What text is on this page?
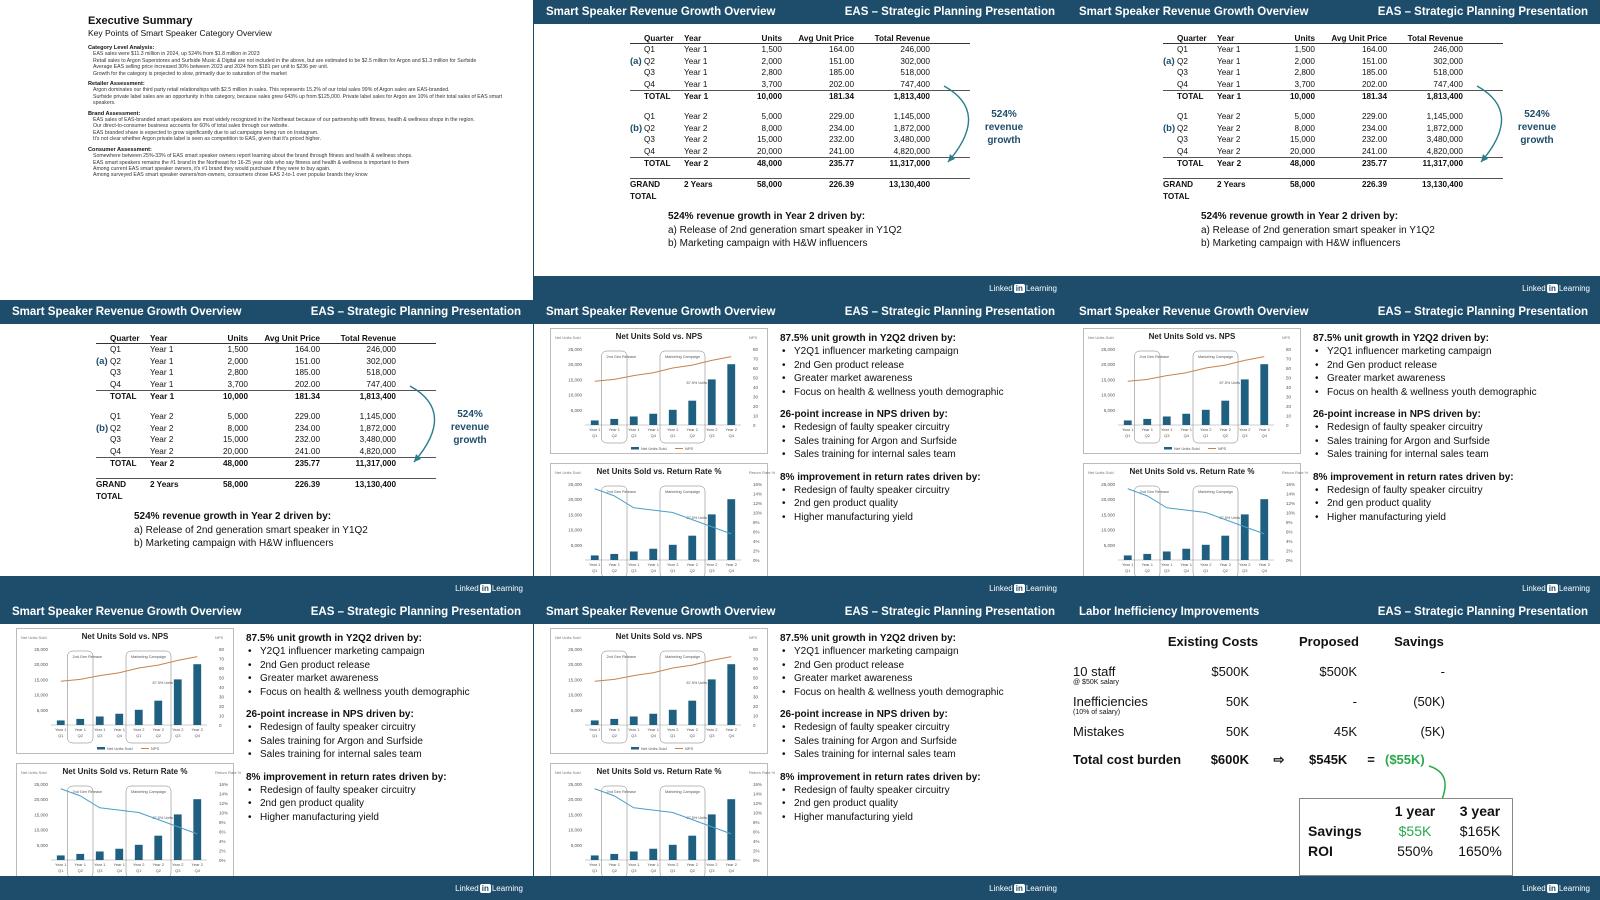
Executive Summary
Key Points of Smart Speaker Category Overview
Category Level Analysis:
EAS sales were $11.3 million in 2024, up 524% from $1.8 million in 2023
Retail sales to Argon Superstores and Surfside Music & Digital are not included in the above, but are estimated to be $2.5 million for Argon and $1.3 million for Surfside
Average EAS selling price increased 30% between 2023 and 2024 from $181 per unit to $236 per unit.
Growth for the category is projected to slow, primarily due to saturation of the market
Retailer Assessment:
Argon dominates our third party retail relationships with $2.5 million in sales. This represents 15.2% of our total sales 99% of Argon sales are EAS-branded.
Surfside private label sales are an opportunity in this category, because sales grew 643% up from $125,000. Private label sales for Argon are 10% of their total sales of EAS smart speakers.
Brand Assessment:
EAS sales of EAS-branded smart speakers are most widely recognized in the Northeast because of our partnership with fitness, health & wellness shops in the region.
Our direct-to-consumer business accounts for 60% of total sales through our website.
EAS branded share is expected to grow significantly due to ad campaigns being run on Instagram.
It's not clear whether Argon private label is seen as competition to EAS, given that it's priced higher.
Consumer Assessment:
Somewhere between 25%-33% of EAS smart speaker owners report learning about the brand through fitness and health & wellness shops.
EAS smart speakers remains the #1 brand in the Northeast for 16-25 year olds who say fitness and health & wellness is important to them
Among current EAS smart speaker owners, it's #1 brand they would purchase if they were to buy again.
Among surveyed EAS smart speaker owners/non-owners, consumers chose EAS 2-to-1 over popular brands they know
Smart Speaker Revenue Growth Overview	EAS – Strategic Planning Presentation
Quarter	Year	Units	Avg Unit Price	Total Revenue
Q1	Year 1	1,500	164.00	246,000
(a) Q2	Year 1	2,000	151.00	302,000
Q3	Year 1	2,800	185.00	518,000
Q4	Year 1	3,700	202.00	747,400
TOTAL	Year 1	10,000	181.34	1,813,400
Q1	Year 2	5,000	229.00	1,145,000
(b) Q2	Year 2	8,000	234.00	1,872,000
Q3	Year 2	15,000	232.00	3,480,000
Q4	Year 2	20,000	241.00	4,820,000
TOTAL	Year 2	48,000	235.77	11,317,000
GRAND TOTAL
2 Years	58,000	226.39	13,130,400
524%
revenue
growth
524% revenue growth in Year 2 driven by:
a) Release of 2nd generation smart speaker in Y1Q2
b) Marketing campaign with H&W influencers
Linked in Learning
Smart Speaker Revenue Growth Overview	EAS – Strategic Planning Presentation
Quarter	Year	Units	Avg Unit Price	Total Revenue
Q1	Year 1	1,500	164.00	246,000
(a) Q2	Year 1	2,000	151.00	302,000
Q3	Year 1	2,800	185.00	518,000
Q4	Year 1	3,700	202.00	747,400
TOTAL	Year 1	10,000	181.34	1,813,400
Q1	Year 2	5,000	229.00	1,145,000
(b) Q2	Year 2	8,000	234.00	1,872,000
Q3	Year 2	15,000	232.00	3,480,000
Q4	Year 2	20,000	241.00	4,820,000
TOTAL	Year 2	48,000	235.77	11,317,000
GRAND TOTAL
2 Years	58,000	226.39	13,130,400
524%
revenue
growth
524% revenue growth in Year 2 driven by:
a) Release of 2nd generation smart speaker in Y1Q2
b) Marketing campaign with H&W influencers
Linked in Learning
Smart Speaker Revenue Growth Overview	EAS – Strategic Planning Presentation
Quarter	Year	Units	Avg Unit Price	Total Revenue
Q1	Year 1	1,500	164.00	246,000
(a) Q2	Year 1	2,000	151.00	302,000
Q3	Year 1	2,800	185.00	518,000
Q4	Year 1	3,700	202.00	747,400
TOTAL	Year 1	10,000	181.34	1,813,400
Q1	Year 2	5,000	229.00	1,145,000
(b) Q2	Year 2	8,000	234.00	1,872,000
Q3	Year 2	15,000	232.00	3,480,000
Q4	Year 2	20,000	241.00	4,820,000
TOTAL	Year 2	48,000	235.77	11,317,000
GRAND TOTAL
2 Years	58,000	226.39	13,130,400
524%
revenue
growth
524% revenue growth in Year 2 driven by:
a) Release of 2nd generation smart speaker in Y1Q2
b) Marketing campaign with H&W influencers
Linked in Learning
Smart Speaker Revenue Growth Overview	EAS – Strategic Planning Presentation
Net Units Sold vs. NPS
25,000
20,000
15,000
10,000
5,000
80
70
60
50
40
30
20
10
0
Net Units Sold	NPS
2nd Gen Release	Marketing Campaign
87.5% Units
Year 1
Q1
Year 1
Q2
Year 1
Q3
Year 1
Q4
Year 2
Q1
Year 2
Q2
Year 2
Q3
Year 2
Q4
Net Units Sold	NPS
Net Units Sold vs. Return Rate %
25,000
20,000
15,000
10,000
5,000
16%
14%
12%
10%
8%
6%
4%
2%
0%
Net Units Sold	Return Rate %
2nd Gen Release	Marketing Campaign
87.5% Units
Year 1
Q1
Year 1
Q2
Year 1
Q3
Year 1
Q4
Year 2
Q1
Year 2
Q2
Year 2
Q3
Year 2
Q4
87.5% unit growth in Y2Q2 driven by:
• Y2Q1 influencer marketing campaign
• 2nd Gen product release
• Greater market awareness
• Focus on health & wellness youth demographic
26-point increase in NPS driven by:
• Redesign of faulty speaker circuitry
• Sales training for Argon and Surfside
• Sales training for internal sales team
8% improvement in return rates driven by:
• Redesign of faulty speaker circuitry
• 2nd gen product quality
• Higher manufacturing yield
Linked in Learning
Smart Speaker Revenue Growth Overview	EAS – Strategic Planning Presentation
Net Units Sold vs. NPS
25,000
20,000
15,000
10,000
5,000
80
70
60
50
40
30
20
10
0
Net Units Sold	NPS
2nd Gen Release	Marketing Campaign
87.5% Units
Year 1
Q1
Year 1
Q2
Year 1
Q3
Year 1
Q4
Year 2
Q1
Year 2
Q2
Year 2
Q3
Year 2
Q4
Net Units Sold	NPS
Net Units Sold vs. Return Rate %
25,000
20,000
15,000
10,000
5,000
16%
14%
12%
10%
8%
6%
4%
2%
0%
Net Units Sold	Return Rate %
2nd Gen Release	Marketing Campaign
87.5% Units
Year 1
Q1
Year 1
Q2
Year 1
Q3
Year 1
Q4
Year 2
Q1
Year 2
Q2
Year 2
Q3
Year 2
Q4
87.5% unit growth in Y2Q2 driven by:
• Y2Q1 influencer marketing campaign
• 2nd Gen product release
• Greater market awareness
• Focus on health & wellness youth demographic
26-point increase in NPS driven by:
• Redesign of faulty speaker circuitry
• Sales training for Argon and Surfside
• Sales training for internal sales team
8% improvement in return rates driven by:
• Redesign of faulty speaker circuitry
• 2nd gen product quality
• Higher manufacturing yield
Linked in Learning
Smart Speaker Revenue Growth Overview	EAS – Strategic Planning Presentation
Net Units Sold vs. NPS
25,000
20,000
15,000
10,000
5,000
80
70
60
50
40
30
20
10
0
Net Units Sold	NPS
2nd Gen Release	Marketing Campaign
87.5% Units
Year 1
Q1
Year 1
Q2
Year 1
Q3
Year 1
Q4
Year 2
Q1
Year 2
Q2
Year 2
Q3
Year 2
Q4
Net Units Sold	NPS
Net Units Sold vs. Return Rate %
25,000
20,000
15,000
10,000
5,000
16%
14%
12%
10%
8%
6%
4%
2%
0%
Net Units Sold	Return Rate %
2nd Gen Release	Marketing Campaign
87.5% Units
Year 1
Q1
Year 1
Q2
Year 1
Q3
Year 1
Q4
Year 2
Q1
Year 2
Q2
Year 2
Q3
Year 2
Q4
87.5% unit growth in Y2Q2 driven by:
• Y2Q1 influencer marketing campaign
• 2nd Gen product release
• Greater market awareness
• Focus on health & wellness youth demographic
26-point increase in NPS driven by:
• Redesign of faulty speaker circuitry
• Sales training for Argon and Surfside
• Sales training for internal sales team
8% improvement in return rates driven by:
• Redesign of faulty speaker circuitry
• 2nd gen product quality
• Higher manufacturing yield
Linked in Learning
Smart Speaker Revenue Growth Overview	EAS – Strategic Planning Presentation
Net Units Sold vs. NPS
25,000
20,000
15,000
10,000
5,000
80
70
60
50
40
30
20
10
0
Net Units Sold	NPS
2nd Gen Release	Marketing Campaign
87.5% Units
Year 1
Q1
Year 1
Q2
Year 1
Q3
Year 1
Q4
Year 2
Q1
Year 2
Q2
Year 2
Q3
Year 2
Q4
Net Units Sold	NPS
Net Units Sold vs. Return Rate %
25,000
20,000
15,000
10,000
5,000
16%
14%
12%
10%
8%
6%
4%
2%
0%
Net Units Sold	Return Rate %
2nd Gen Release	Marketing Campaign
87.5% Units
Year 1
Q1
Year 1
Q2
Year 1
Q3
Year 1
Q4
Year 2
Q1
Year 2
Q2
Year 2
Q3
Year 2
Q4
87.5% unit growth in Y2Q2 driven by:
• Y2Q1 influencer marketing campaign
• 2nd Gen product release
• Greater market awareness
• Focus on health & wellness youth demographic
26-point increase in NPS driven by:
• Redesign of faulty speaker circuitry
• Sales training for Argon and Surfside
• Sales training for internal sales team
8% improvement in return rates driven by:
• Redesign of faulty speaker circuitry
• 2nd gen product quality
• Higher manufacturing yield
Linked in Learning
Labor Inefficiency Improvements	EAS – Strategic Planning Presentation
Existing Costs	Proposed	Savings
10 staff
@ $50K salary
$500K	$500K	-
Inefficiencies
(10% of salary)
50K	-	(50K)
Mistakes	50K	45K	(5K)
Total cost burden	$600K	⇨	$545K	= ($55K)
1 year	3 year
Savings	$55K	$165K
ROI	550%	1650%
Linked in Learning
